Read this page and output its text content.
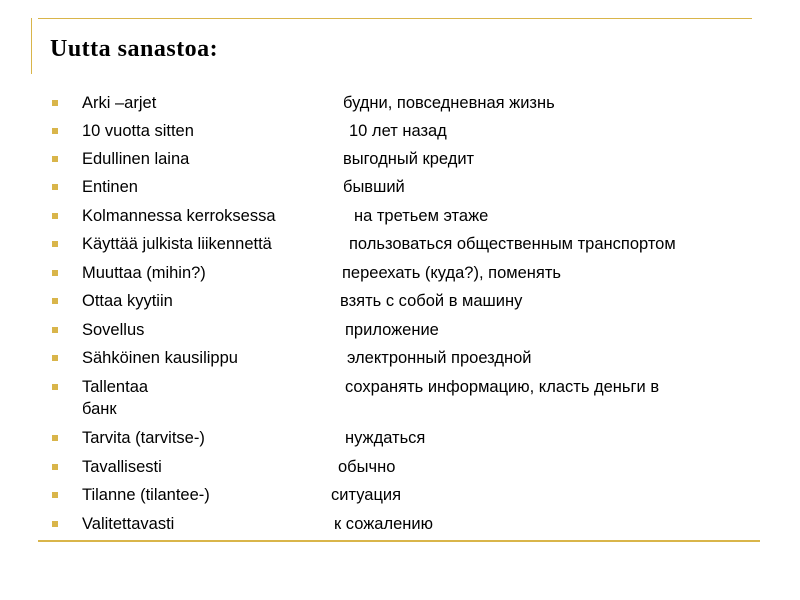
Uutta sanastoa:
Arki –arjet	будни, повседневная жизнь
10 vuotta sitten	10 лет назад
Edullinen laina	выгодный кредит
Entinen	бывший
Kolmannessa kerroksessa	на третьем этаже
Käyttää julkista liikennettä	пользоваться общественным транспортом
Muuttaa (mihin?)	переехать (куда?), поменять
Ottaa kyytiin	взять с собой в машину
Sovellus	приложение
Sähköinen kausilippu	электронный проездной
Tallentaa	сохранять информацию, класть деньги в
банк
Tarvita (tarvitse-)	нуждаться
Tavallisesti	обычно
Tilanne (tilantee-)	ситуация
Valitettavasti	к сожалению
